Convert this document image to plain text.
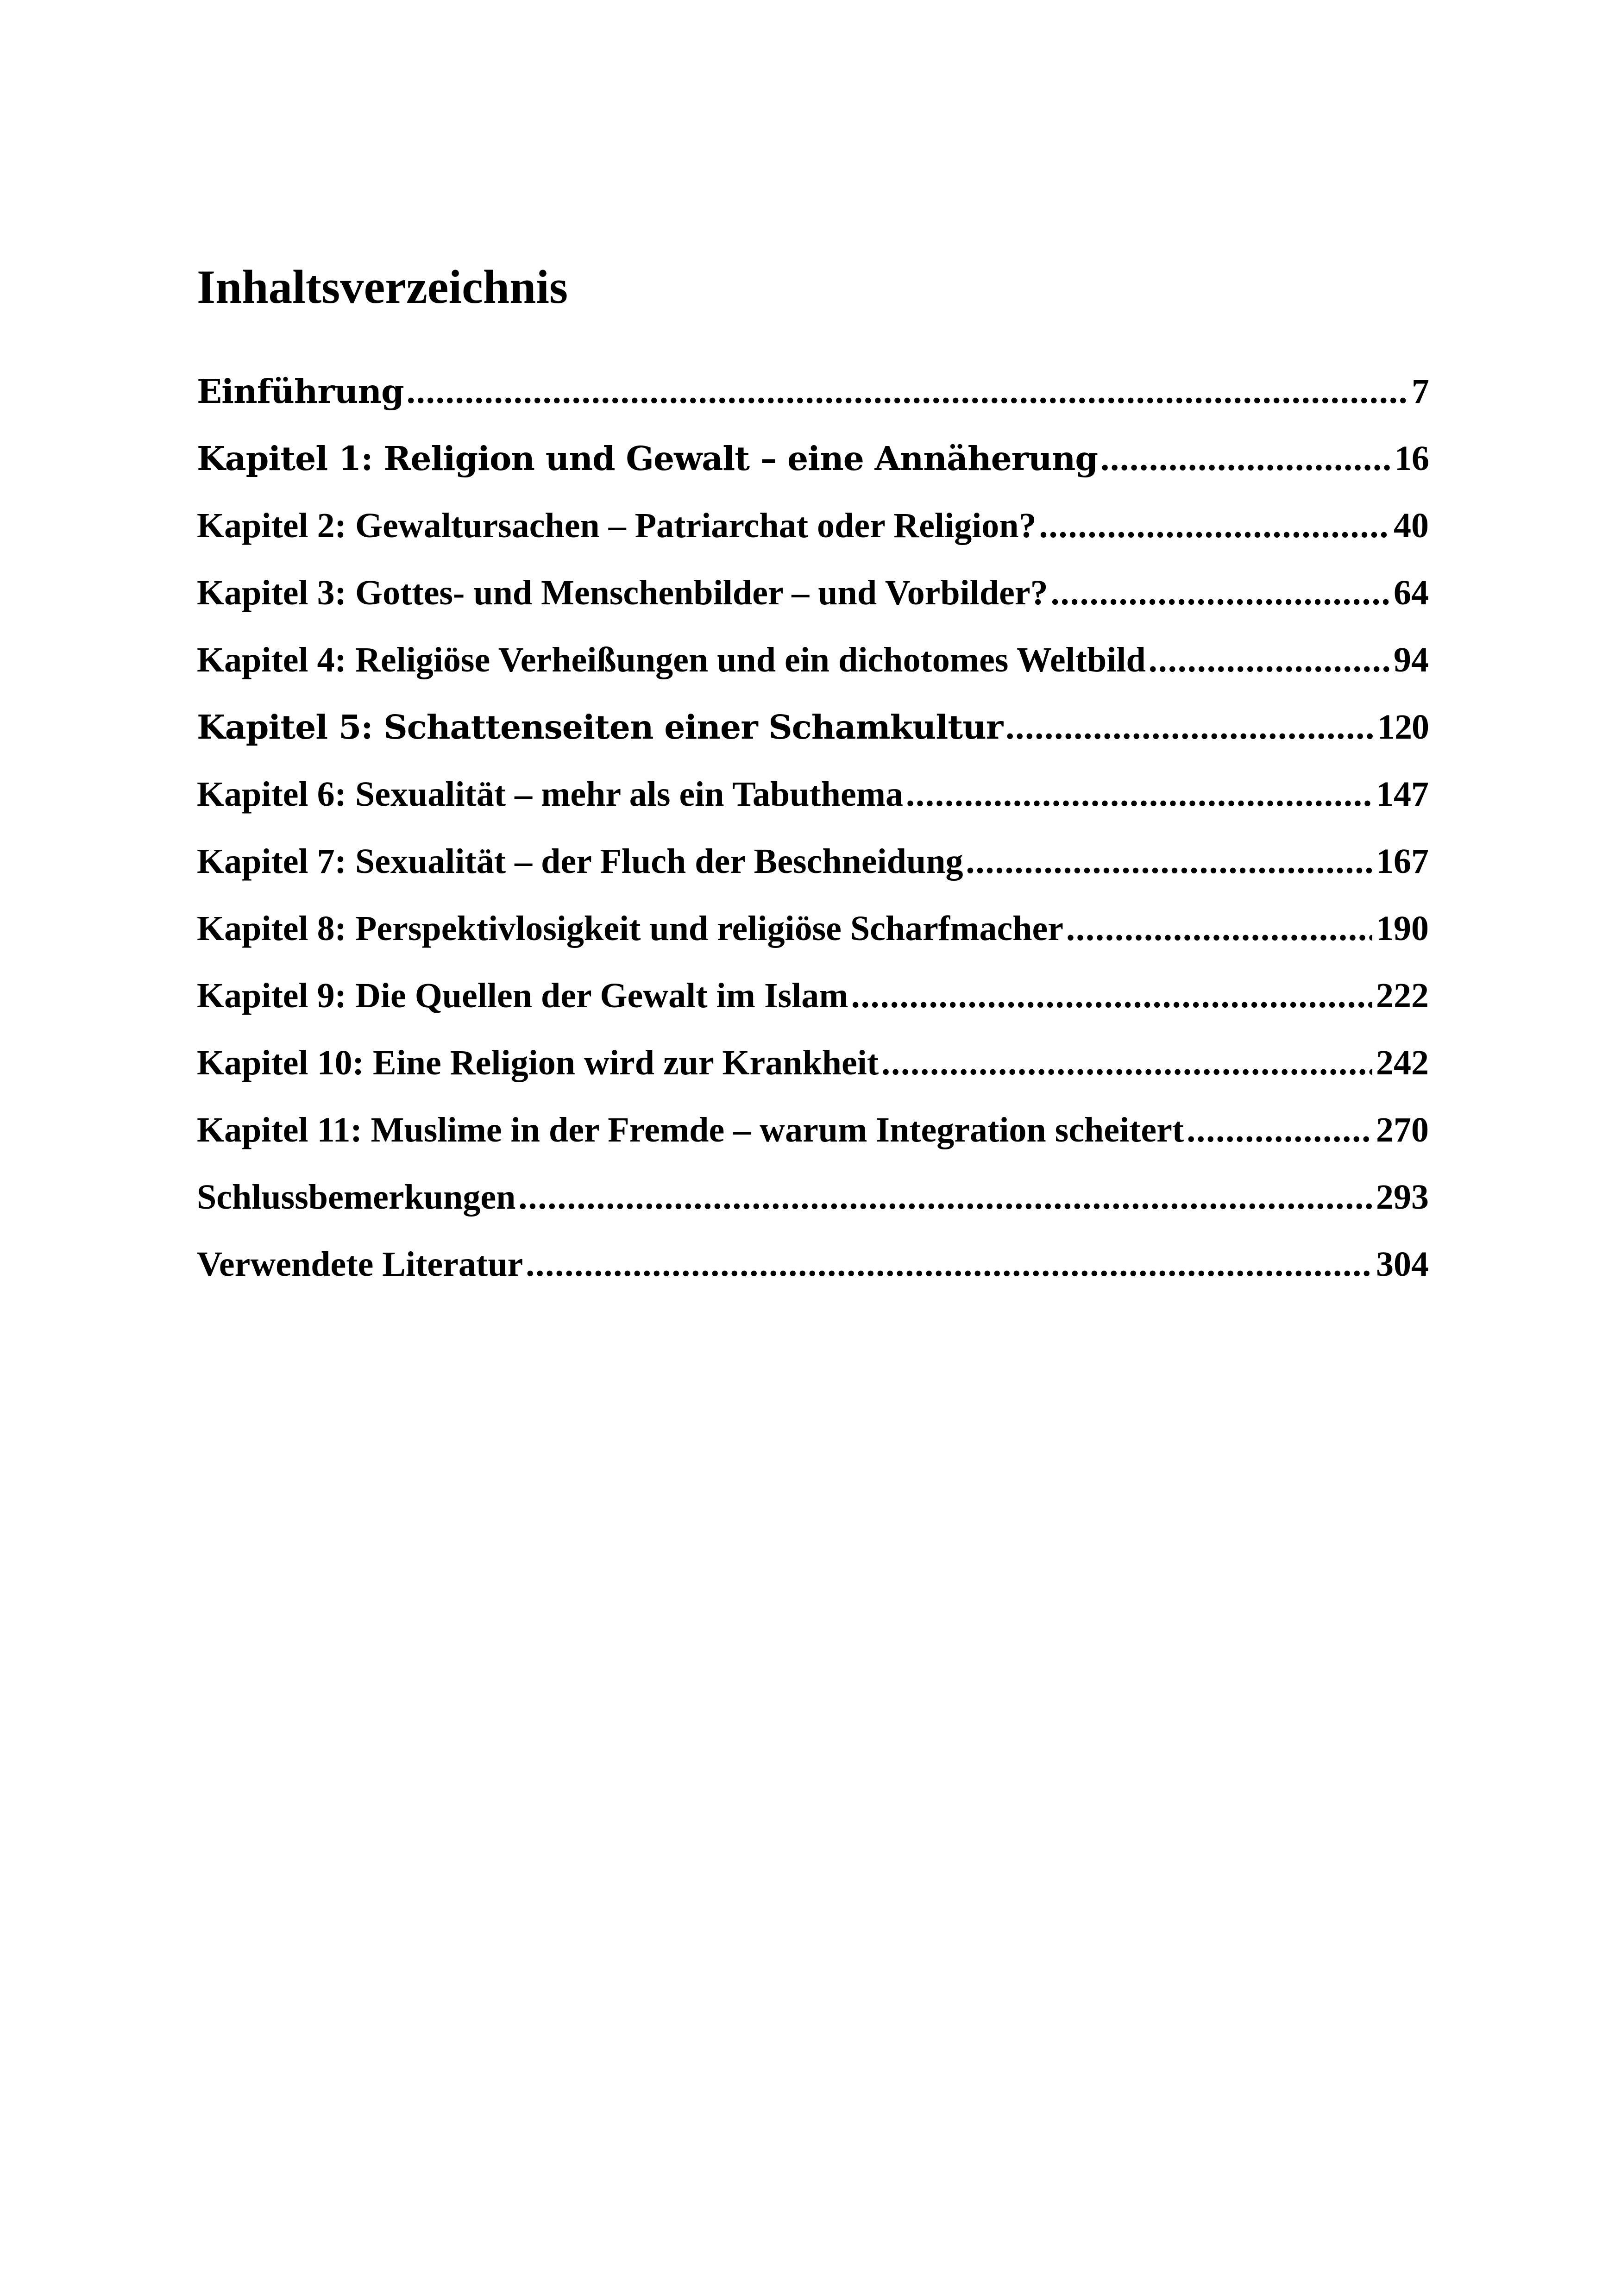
Inhaltsverzeichnis
Einführung .....	7
Kapitel 1: Religion und Gewalt – eine Annäherung .....	16
Kapitel 2: Gewaltursachen – Patriarchat oder Religion? .....	40
Kapitel 3: Gottes- und Menschenbilder – und Vorbilder? .....	64
Kapitel 4: Religiöse Verheißungen und ein dichotomes Weltbild .....	94
Kapitel 5: Schattenseiten einer Schamkultur .....	120
Kapitel 6: Sexualität – mehr als ein Tabuthema .....	147
Kapitel 7: Sexualität – der Fluch der Beschneidung .....	167
Kapitel 8: Perspektivlosigkeit und religiöse Scharfmacher .....	190
Kapitel 9: Die Quellen der Gewalt im Islam .....	222
Kapitel 10: Eine Religion wird zur Krankheit .....	242
Kapitel 11: Muslime in der Fremde – warum Integration scheitert .....	270
Schlussbemerkungen .....	293
Verwendete Literatur .....	304
